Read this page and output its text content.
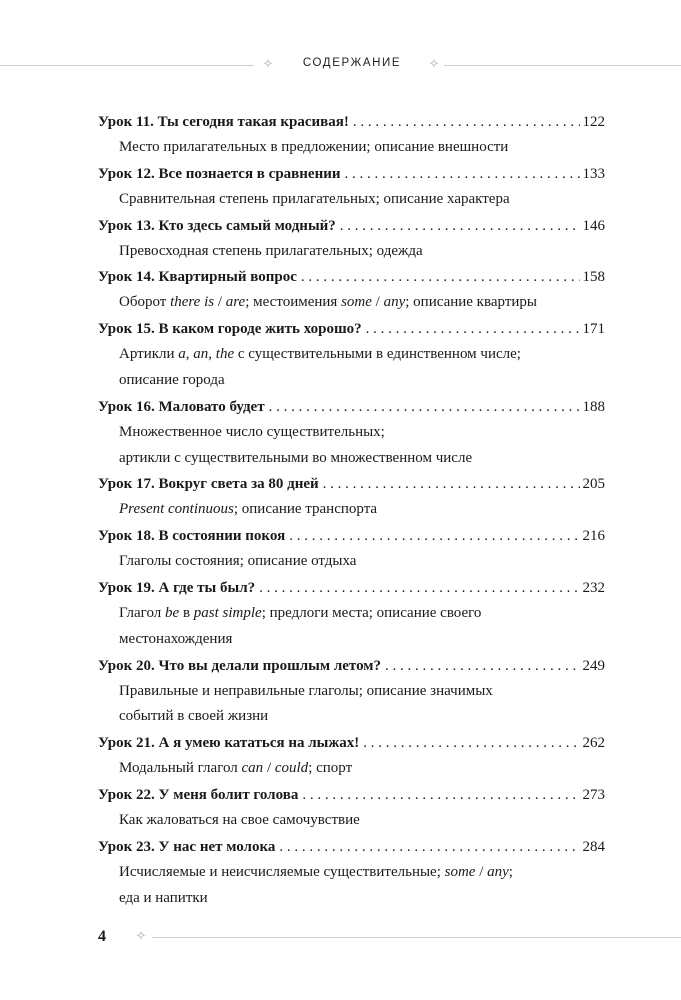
✧	СОДЕРЖАНИЕ	✧
Урок 11. Ты сегодня такая красивая! . . .	122
Место прилагательных в предложении; описание внешности
Урок 12. Все познается в сравнении . . .	133
Сравнительная степень прилагательных; описание характера
Урок 13. Кто здесь самый модный? . . .	146
Превосходная степень прилагательных; одежда
Урок 14. Квартирный вопрос . . .	158
Оборот there is / are; местоимения some / any; описание квартиры
Урок 15. В каком городе жить хорошо? . . .	171
Артикли a, an, the с существительными в единственном числе;
описание города
Урок 16. Маловато будет . . .	188
Множественное число существительных;
артикли с существительными во множественном числе
Урок 17. Вокруг света за 80 дней . . .	205
Present continuous; описание транспорта
Урок 18. В состоянии покоя . . .	216
Глаголы состояния; описание отдыха
Урок 19. А где ты был? . . .	232
Глагол be в past simple; предлоги места; описание своего
местонахождения
Урок 20. Что вы делали прошлым летом? . . .	249
Правильные и неправильные глаголы; описание значимых
событий в своей жизни
Урок 21. А я умею кататься на лыжах! . . .	262
Модальный глагол can / could; спорт
Урок 22. У меня болит голова . . .	273
Как жаловаться на свое самочувствие
Урок 23. У нас нет молока . . .	284
Исчисляемые и неисчисляемые существительные; some / any;
еда и напитки
4 ✧
